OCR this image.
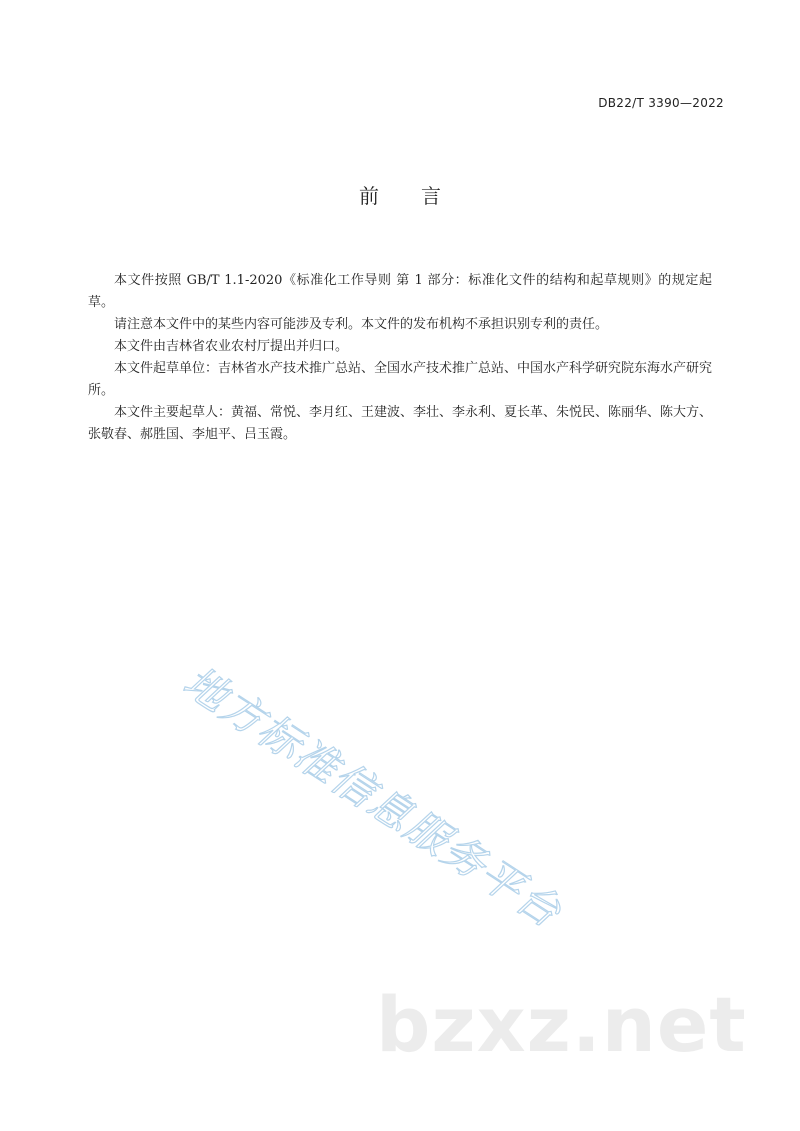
DB22/T 3390—2022
前言

本文件按照 GB/T 1.1-2020《标准化工作导则 第 1 部分：标准化文件的结构和起草规则》的规定起草。

请注意本文件中的某些内容可能涉及专利。本文件的发布机构不承担识别专利的责任。

本文件由吉林省农业农村厅提出并归口。

本文件起草单位：吉林省水产技术推广总站、全国水产技术推广总站、中国水产科学研究院东海水产研究所。

本文件主要起草人：黄福、常悦、李月红、王建波、李壮、李永利、夏长革、朱悦民、陈丽华、陈大方、张敬春、郝胜国、李旭平、吕玉霞。

地方标准信息服务平台
bzxz.net
